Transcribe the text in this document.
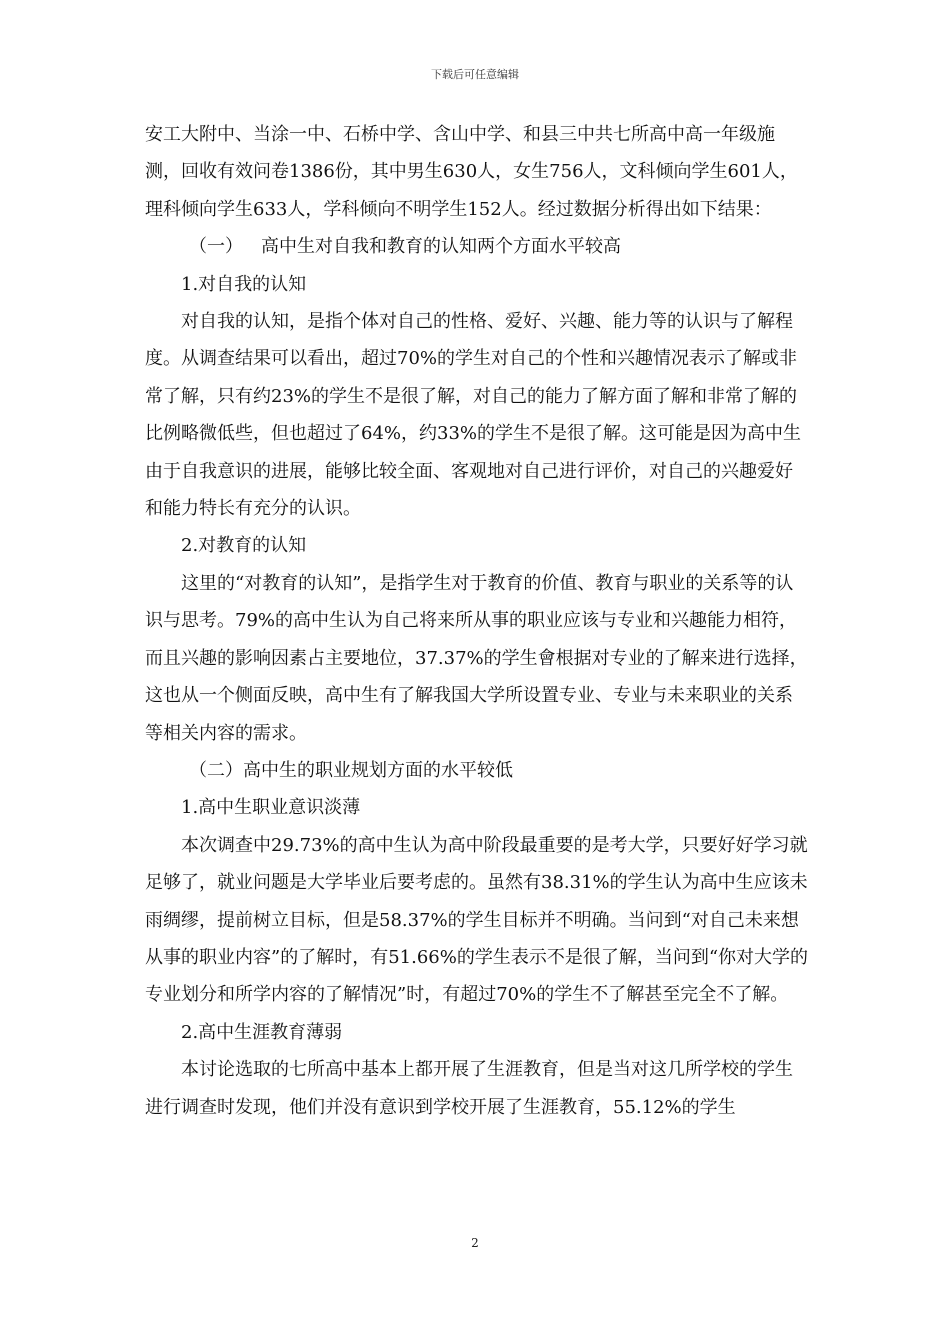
下载后可任意编辑

安工大附中、当涂一中、石桥中学、含山中学、和县三中共七所高中高一年级施测，回收有效问卷1386份，其中男生630人，女生756人，文科倾向学生601人，理科倾向学生633人，学科倾向不明学生152人。经过数据分析得出如下结果：

（一） 高中生对自我和教育的认知两个方面水平较高

1.对自我的认知

对自我的认知，是指个体对自己的性格、爱好、兴趣、能力等的认识与了解程度。从调查结果可以看出，超过70%的学生对自己的个性和兴趣情况表示了解或非常了解，只有约23%的学生不是很了解，对自己的能力了解方面了解和非常了解的比例略微低些，但也超过了64%，约33%的学生不是很了解。这可能是因为高中生由于自我意识的进展，能够比较全面、客观地对自己进行评价，对自己的兴趣爱好和能力特长有充分的认识。

2.对教育的认知

这里的“对教育的认知”，是指学生对于教育的价值、教育与职业的关系等的认识与思考。79%的高中生认为自己将来所从事的职业应该与专业和兴趣能力相符，而且兴趣的影响因素占主要地位，37.37%的学生會根据对专业的了解来进行选择，这也从一个侧面反映，高中生有了解我国大学所设置专业、专业与未来职业的关系等相关内容的需求。

（二）高中生的职业规划方面的水平较低

1.高中生职业意识淡薄

本次调查中29.73%的高中生认为高中阶段最重要的是考大学，只要好好学习就足够了，就业问题是大学毕业后要考虑的。虽然有38.31%的学生认为高中生应该未雨绸缪，提前树立目标，但是58.37%的学生目标并不明确。当问到“对自己未来想从事的职业内容”的了解时，有51.66%的学生表示不是很了解，当问到“你对大学的专业划分和所学内容的了解情况”时，有超过70%的学生不了解甚至完全不了解。

2.高中生涯教育薄弱

本讨论选取的七所高中基本上都开展了生涯教育，但是当对这几所学校的学生进行调查时发现，他们并没有意识到学校开展了生涯教育，55.12%的学生

2
